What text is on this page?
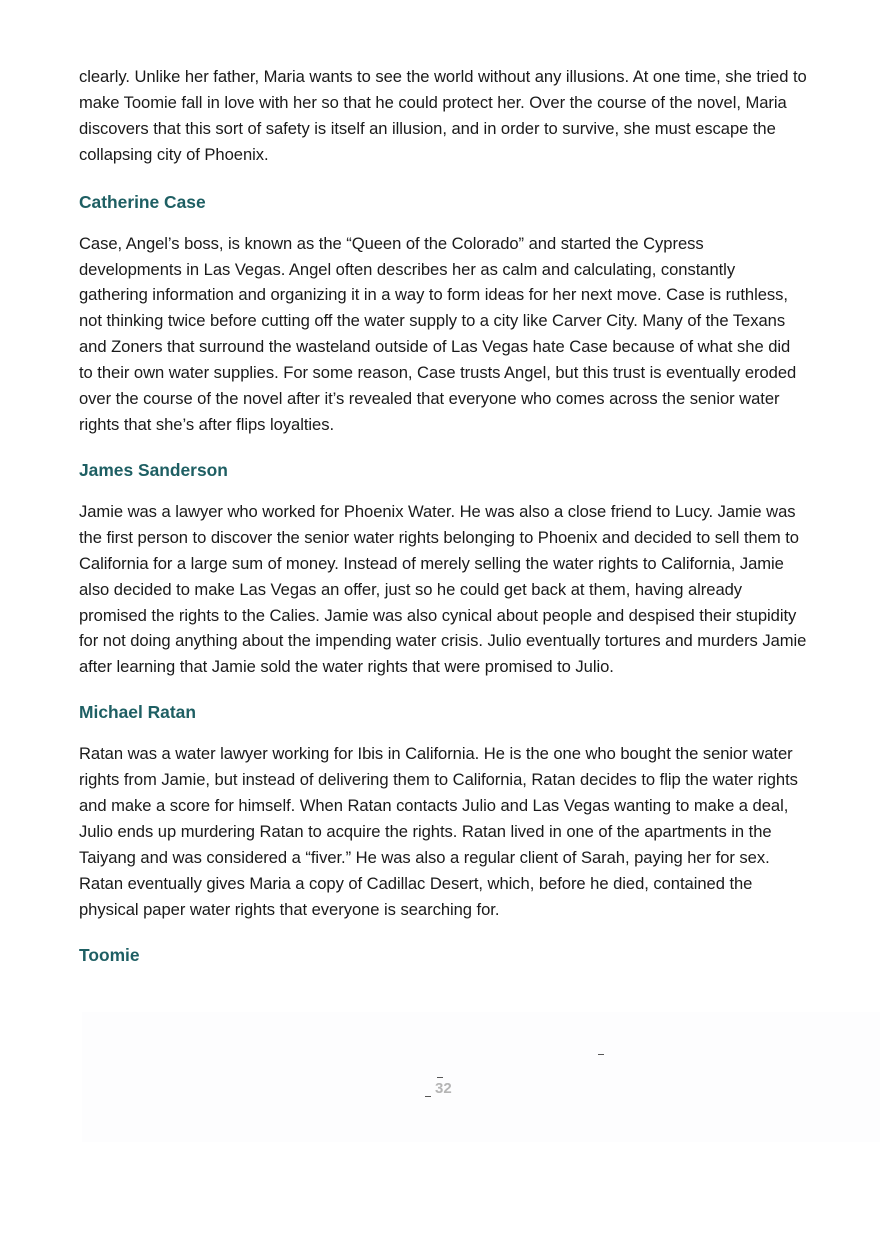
clearly. Unlike her father, Maria wants to see the world without any illusions. At one time, she tried to make Toomie fall in love with her so that he could protect her. Over the course of the novel, Maria discovers that this sort of safety is itself an illusion, and in order to survive, she must escape the collapsing city of Phoenix.

Catherine Case

Case, Angel’s boss, is known as the “Queen of the Colorado” and started the Cypress developments in Las Vegas. Angel often describes her as calm and calculating, constantly gathering information and organizing it in a way to form ideas for her next move. Case is ruthless, not thinking twice before cutting off the water supply to a city like Carver City. Many of the Texans and Zoners that surround the wasteland outside of Las Vegas hate Case because of what she did to their own water supplies. For some reason, Case trusts Angel, but this trust is eventually eroded over the course of the novel after it’s revealed that everyone who comes across the senior water rights that she’s after flips loyalties.

James Sanderson

Jamie was a lawyer who worked for Phoenix Water. He was also a close friend to Lucy. Jamie was the first person to discover the senior water rights belonging to Phoenix and decided to sell them to California for a large sum of money. Instead of merely selling the water rights to California, Jamie also decided to make Las Vegas an offer, just so he could get back at them, having already promised the rights to the Calies. Jamie was also cynical about people and despised their stupidity for not doing anything about the impending water crisis. Julio eventually tortures and murders Jamie after learning that Jamie sold the water rights that were promised to Julio.

Michael Ratan

Ratan was a water lawyer working for Ibis in California. He is the one who bought the senior water rights from Jamie, but instead of delivering them to California, Ratan decides to flip the water rights and make a score for himself. When Ratan contacts Julio and Las Vegas wanting to make a deal, Julio ends up murdering Ratan to acquire the rights. Ratan lived in one of the apartments in the Taiyang and was considered a “fiver.” He was also a regular client of Sarah, paying her for sex. Ratan eventually gives Maria a copy of Cadillac Desert, which, before he died, contained the physical paper water rights that everyone is searching for.

Toomie
32
